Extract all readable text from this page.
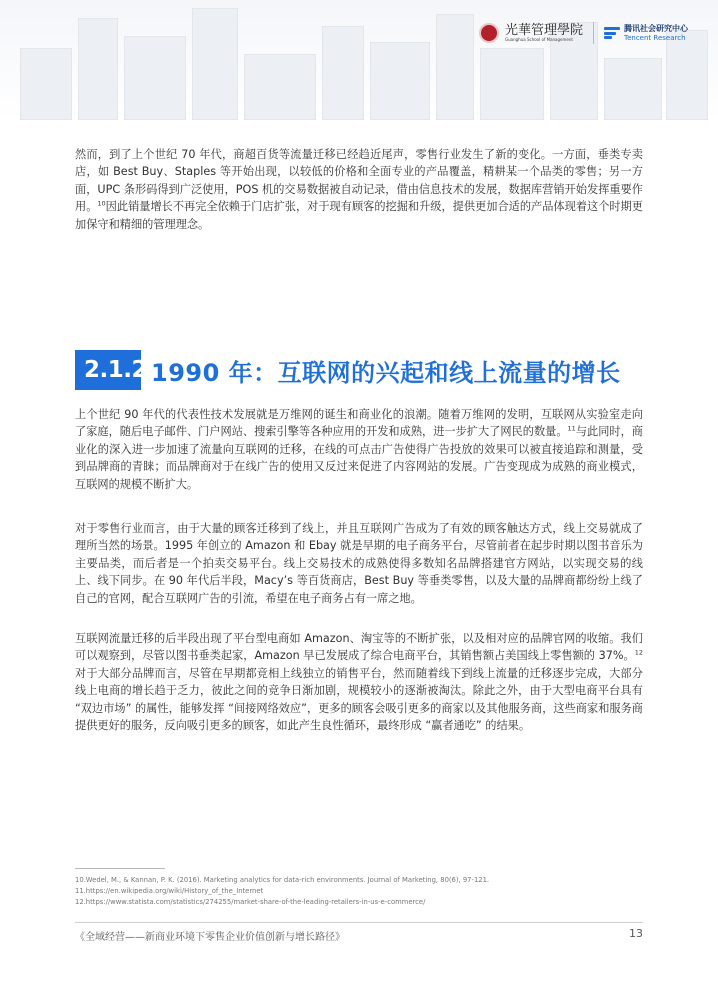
光華管理學院
Guanghua School of Management
腾讯社会研究中心
Tencent Research

然而，到了上个世纪 70 年代，商超百货等流量迁移已经趋近尾声，零售行业发生了新的变化。一方面，垂类专卖店，如 Best Buy、Staples 等开始出现，以较低的价格和全面专业的产品覆盖，精耕某一个品类的零售；另一方面，UPC 条形码得到广泛使用，POS 机的交易数据被自动记录，借由信息技术的发展，数据库营销开始发挥重要作用。$^{10}$因此销量增长不再完全依赖于门店扩张，对于现有顾客的挖掘和升级，提供更加合适的产品体现着这个时期更加保守和精细的管理理念。

2.1.2 1990 年：互联网的兴起和线上流量的增长

上个世纪 90 年代的代表性技术发展就是万维网的诞生和商业化的浪潮。随着万维网的发明，互联网从实验室走向了家庭，随后电子邮件、门户网站、搜索引擎等各种应用的开发和成熟，进一步扩大了网民的数量。$^{11}$与此同时，商业化的深入进一步加速了流量向互联网的迁移，在线的可点击广告使得广告投放的效果可以被直接追踪和测量，受到品牌商的青睐；而品牌商对于在线广告的使用又反过来促进了内容网站的发展。广告变现成为成熟的商业模式，互联网的规模不断扩大。

对于零售行业而言，由于大量的顾客迁移到了线上，并且互联网广告成为了有效的顾客触达方式，线上交易就成了理所当然的场景。1995 年创立的 Amazon 和 Ebay 就是早期的电子商务平台，尽管前者在起步时期以图书音乐为主要品类，而后者是一个拍卖交易平台。线上交易技术的成熟使得多数知名品牌搭建官方网站，以实现交易的线上、线下同步。在 90 年代后半段，Macy’s 等百货商店，Best Buy 等垂类零售，以及大量的品牌商都纷纷上线了自己的官网，配合互联网广告的引流，希望在电子商务占有一席之地。

互联网流量迁移的后半段出现了平台型电商如 Amazon、淘宝等的不断扩张，以及相对应的品牌官网的收缩。我们可以观察到，尽管以图书垂类起家，Amazon 早已发展成了综合电商平台，其销售额占美国线上零售额的 37%。$^{12}$对于大部分品牌而言，尽管在早期都竞相上线独立的销售平台，然而随着线下到线上流量的迁移逐步完成，大部分线上电商的增长趋于乏力，彼此之间的竞争日渐加剧，规模较小的逐渐被淘汰。除此之外，由于大型电商平台具有 “双边市场” 的属性，能够发挥 “间接网络效应”，更多的顾客会吸引更多的商家以及其他服务商，这些商家和服务商提供更好的服务，反向吸引更多的顾客，如此产生良性循环，最终形成 “赢者通吃” 的结果。

10.Wedel, M., & Kannan, P. K. (2016). Marketing analytics for data-rich environments. Journal of Marketing, 80(6), 97-121.
11.https://en.wikipedia.org/wiki/History_of_the_Internet
12.https://www.statista.com/statistics/274255/market-share-of-the-leading-retailers-in-us-e-commerce/
《全域经营——新商业环境下零售企业价值创新与增长路径》	13
